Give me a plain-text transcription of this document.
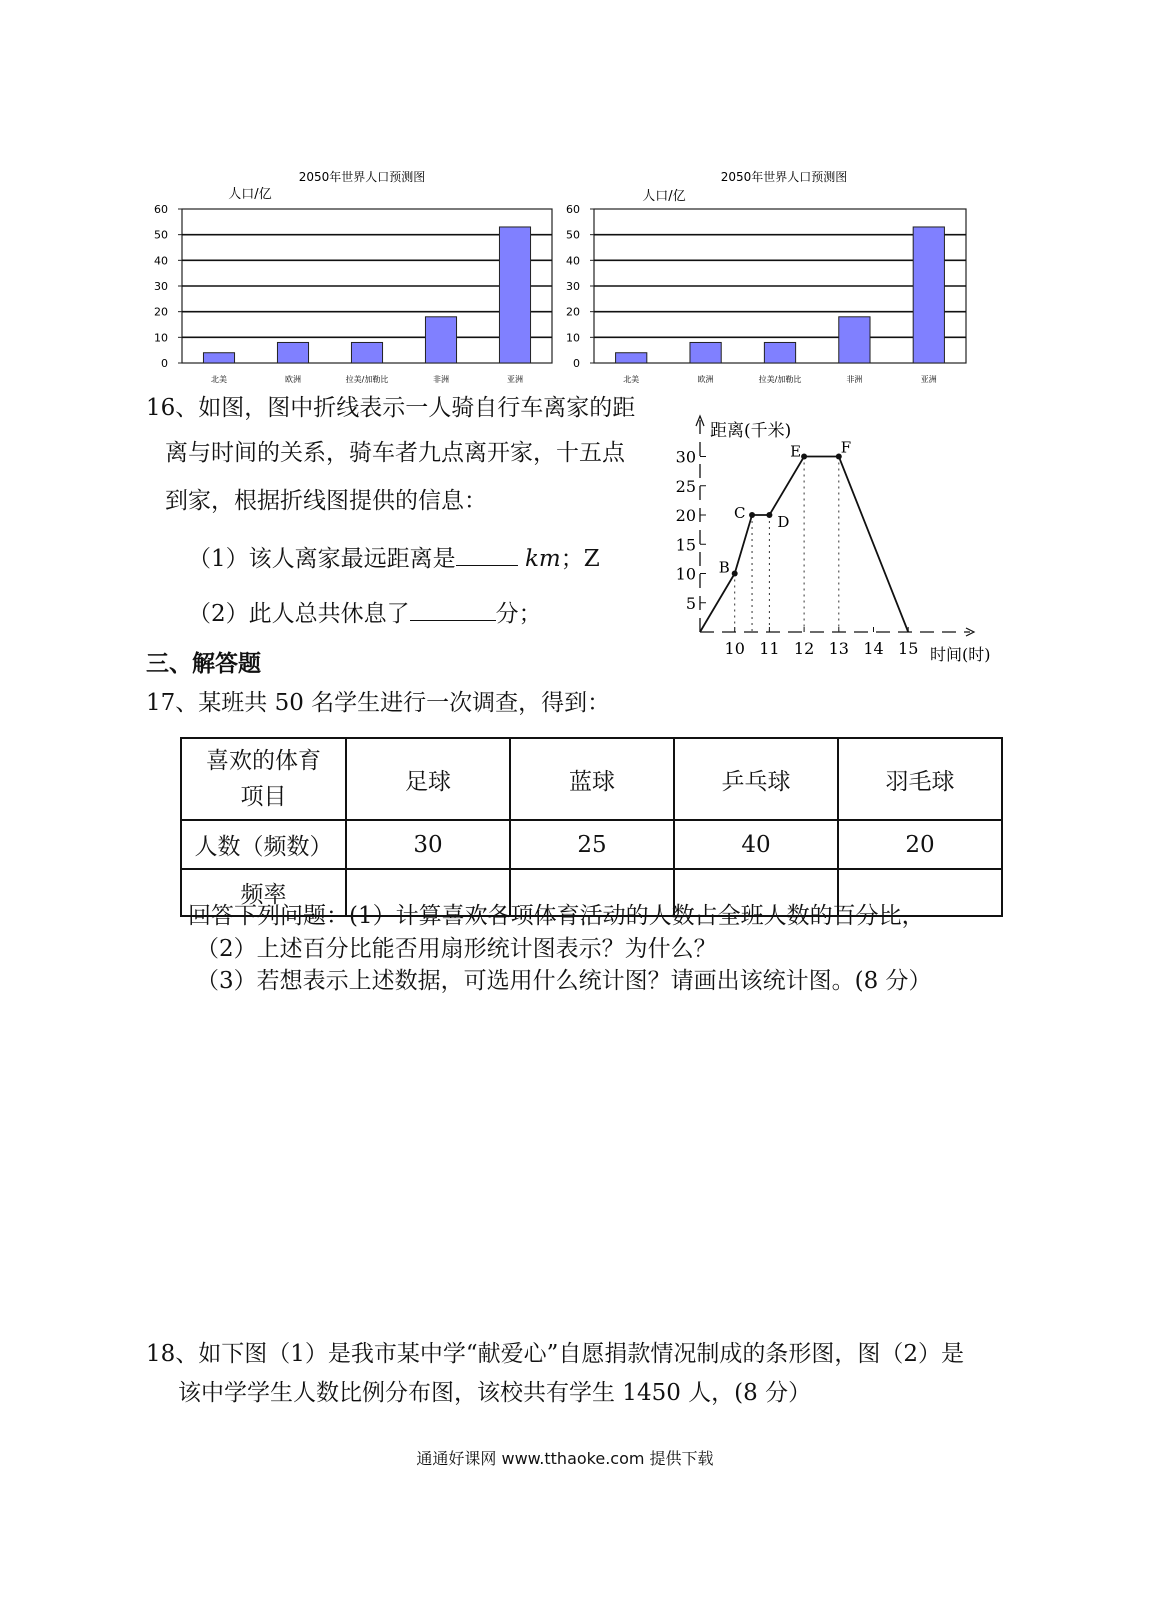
2050年世界人口预测图
人口/亿
0
10
20
30
40
50
60
北美	欧洲	拉美/加勒比	非洲	亚洲
2050年世界人口预测图
人口/亿
0
10
20
30
40
50
60
北美	欧洲	拉美/加勒比	非洲	亚洲
16、如图，图中折线表示一人骑自行车离家的距
离与时间的关系，骑车者九点离开家，十五点
到家，根据折线图提供的信息：
（1）该人离家最远距离是	km；Z
（2）此人总共休息了	分；
距离(千米)
时间(时)
5
10
15
20
25
30
10 11 12 13 14 15
B
C D
E	F
三、解答题
17、某班共 50 名学生进行一次调查，得到：
喜欢的体育
项目	足球	蓝球	乒乓球	羽毛球
人数（频数）	30	25	40	20
频率				
回答下列问题：(1）计算喜欢各项体育活动的人数占全班人数的百分比，
（2）上述百分比能否用扇形统计图表示？为什么？
（3）若想表示上述数据，可选用什么统计图？请画出该统计图。(8 分）
18、如下图（1）是我市某中学“献爱心”自愿捐款情况制成的条形图，图（2）是
该中学学生人数比例分布图，该校共有学生 1450 人，(8 分）
通通好课网 www.tthaoke.com 提供下载
